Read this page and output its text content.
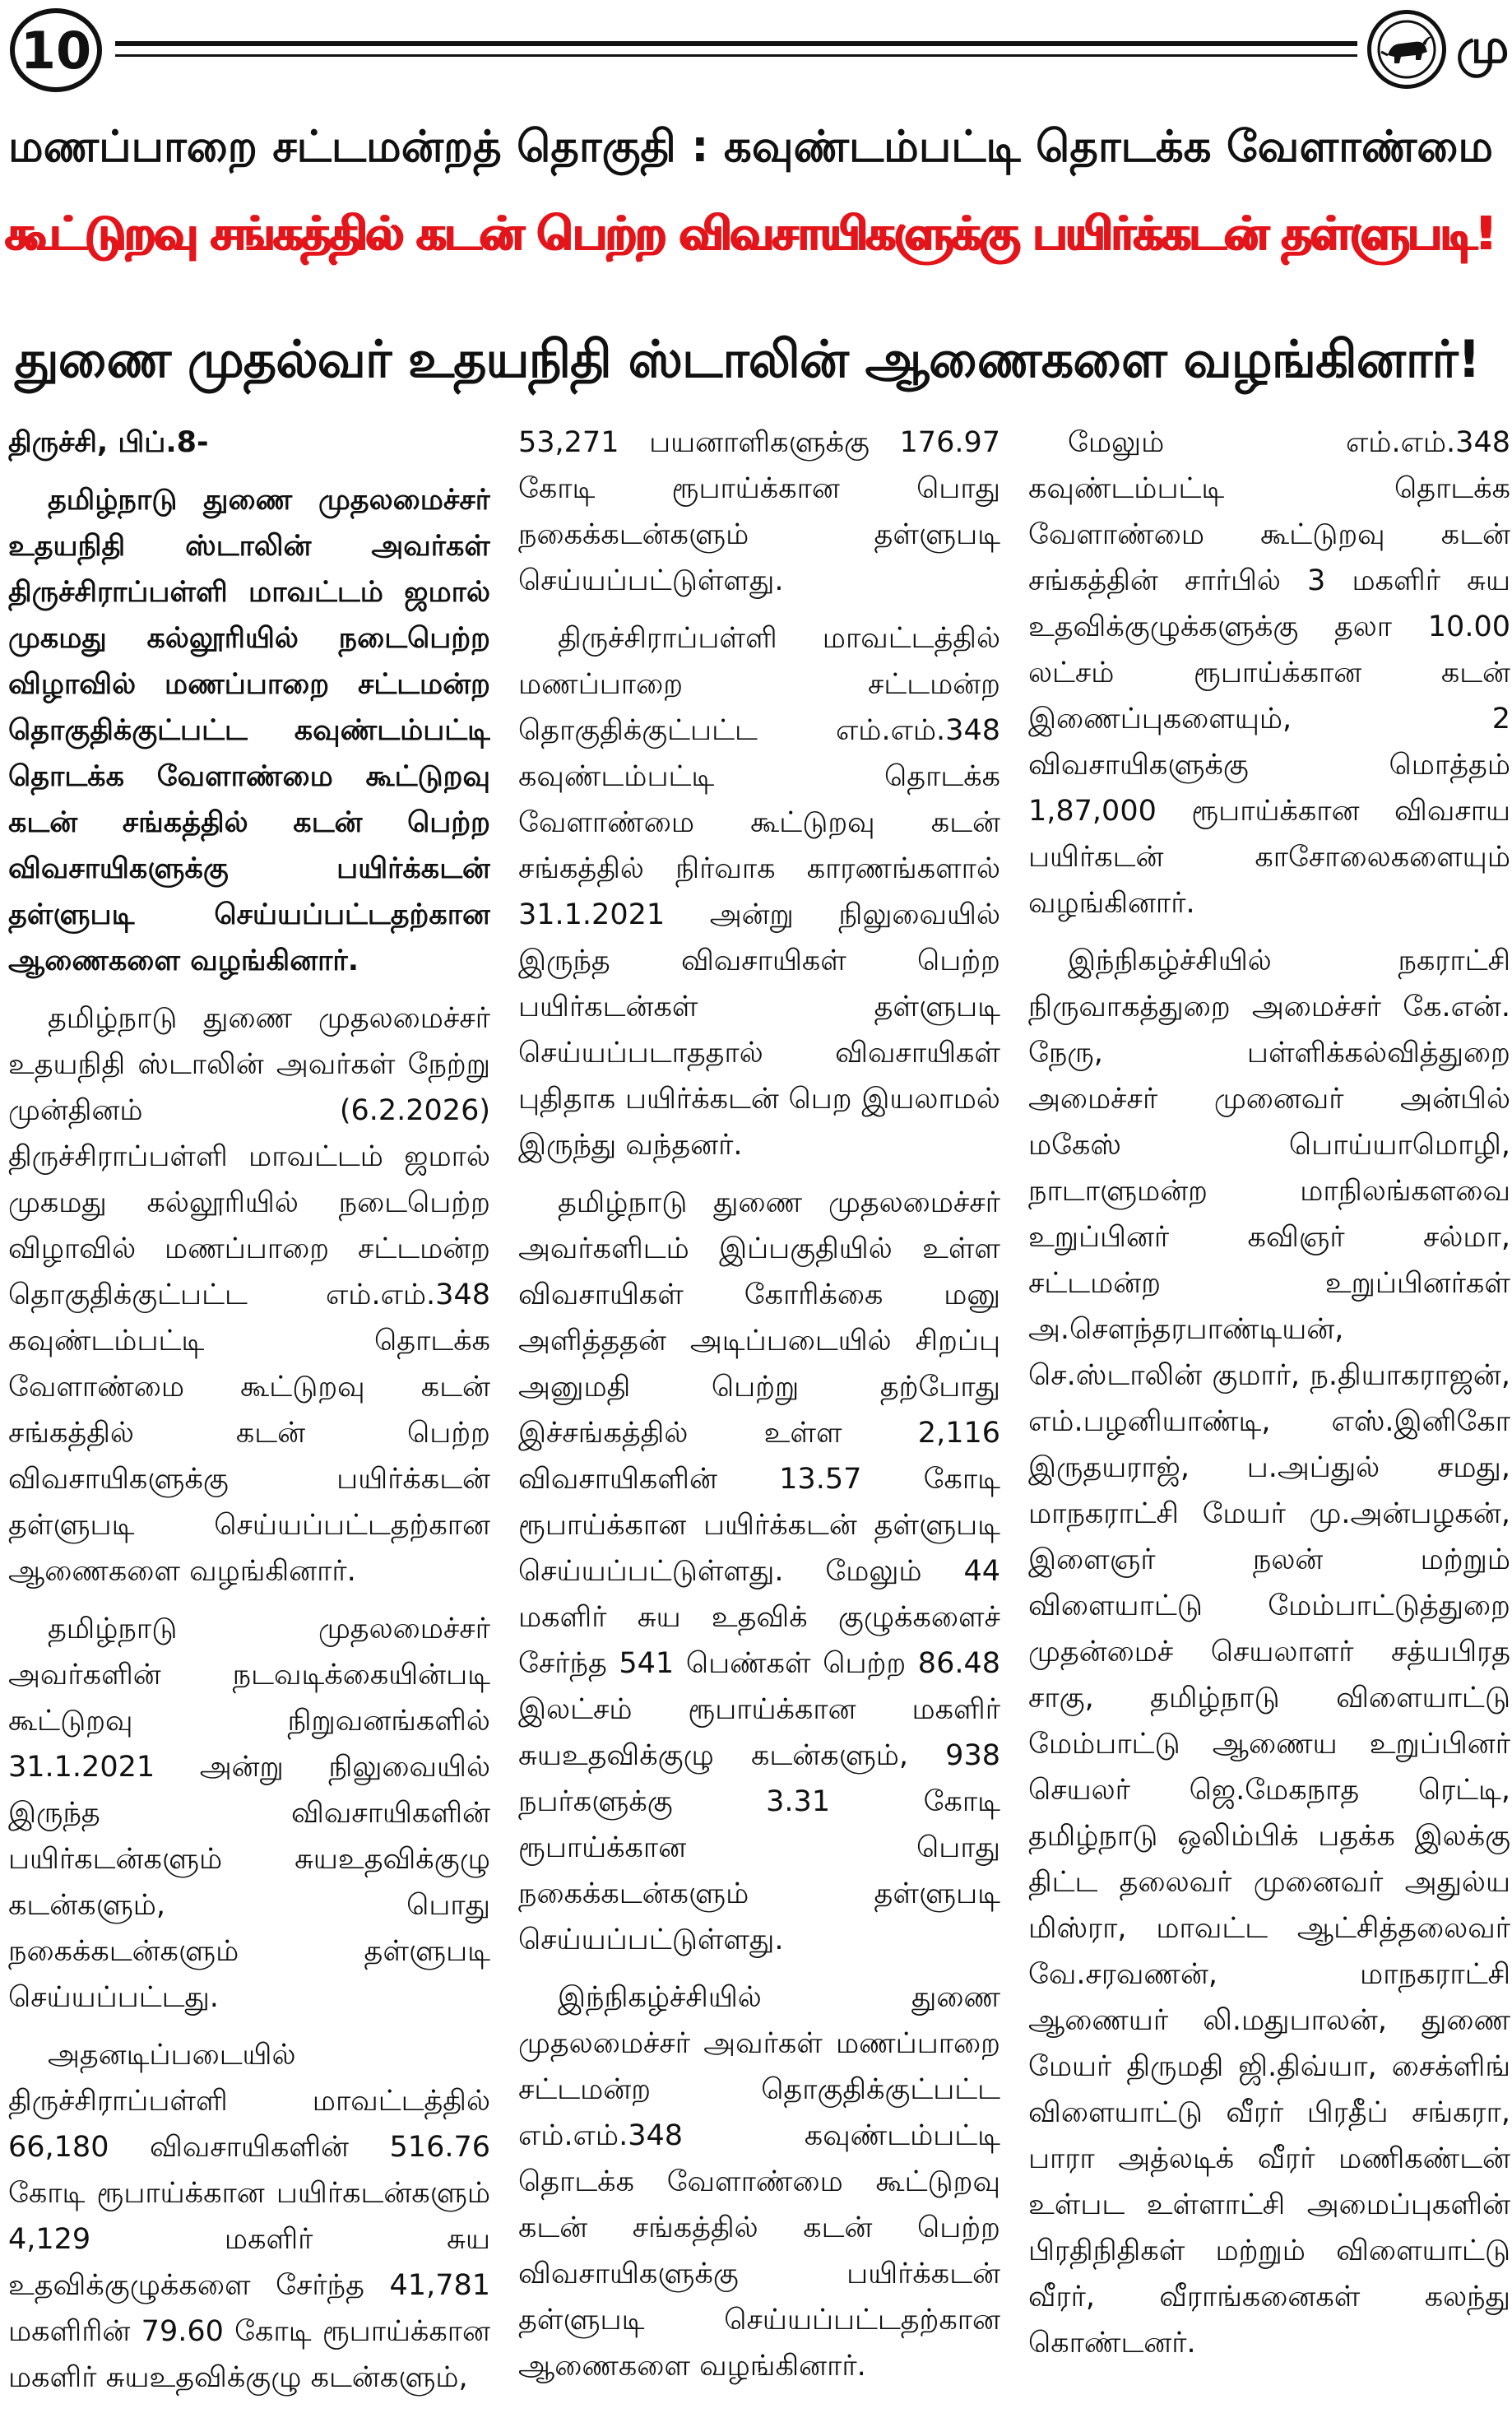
10	மு
மணப்பாறை சட்டமன்றத் தொகுதி : கவுண்டம்பட்டி தொடக்க வேளாண்மை
கூட்டுறவு சங்கத்தில் கடன் பெற்ற விவசாயிகளுக்கு பயிர்க்கடன் தள்ளுபடி!
துணை முதல்வர் உதயநிதி ஸ்டாலின் ஆணைகளை வழங்கினார்!

திருச்சி, பிப்.8-

தமிழ்நாடு துணை முதலமைச்சர் உதயநிதி ஸ்டாலின் அவர்கள் திருச்சிராப்பள்ளி மாவட்டம் ஜமால் முகமது கல்லூரியில் நடைபெற்ற விழாவில் மணப்பாறை சட்டமன்ற தொகுதிக்குட்பட்ட கவுண்டம்பட்டி தொடக்க வேளாண்மை கூட்டுறவு கடன் சங்கத்தில் கடன் பெற்ற விவசாயிகளுக்கு பயிர்க்கடன் தள்ளுபடி செய்யப்பட்டதற்கான ஆணைகளை வழங்கினார்.

தமிழ்நாடு துணை முதலமைச்சர் உதயநிதி ஸ்டாலின் அவர்கள் நேற்று முன்தினம் (6.2.2026) திருச்சிராப்பள்ளி மாவட்டம் ஜமால் முகமது கல்லூரியில் நடைபெற்ற விழாவில் மணப்பாறை சட்டமன்ற தொகுதிக்குட்பட்ட எம்.எம்.348 கவுண்டம்பட்டி தொடக்க வேளாண்மை கூட்டுறவு கடன் சங்கத்தில் கடன் பெற்ற விவசாயிகளுக்கு பயிர்க்கடன் தள்ளுபடி செய்யப்பட்டதற்கான ஆணைகளை வழங்கினார்.

தமிழ்நாடு முதலமைச்சர் அவர்களின் நடவடிக்கையின்படி கூட்டுறவு நிறுவனங்களில் 31.1.2021 அன்று நிலுவையில் இருந்த விவசாயிகளின் பயிர்கடன்களும் சுயஉதவிக்குழு கடன்களும், பொது நகைக்கடன்களும் தள்ளுபடி செய்யப்பட்டது.

அதனடிப்படையில் திருச்சிராப்பள்ளி மாவட்டத்தில் 66,180 விவசாயிகளின் 516.76 கோடி ரூபாய்க்கான பயிர்கடன்களும் 4,129 மகளிர் சுய உதவிக்குழுக்களை சேர்ந்த 41,781 மகளிரின் 79.60 கோடி ரூபாய்க்கான மகளிர் சுயஉதவிக்குழு கடன்களும்,

53,271 பயனாளிகளுக்கு 176.97 கோடி ரூபாய்க்கான பொது நகைக்கடன்களும் தள்ளுபடி செய்யப்பட்டுள்ளது.

திருச்சிராப்பள்ளி மாவட்டத்தில் மணப்பாறை சட்டமன்ற தொகுதிக்குட்பட்ட எம்.எம்.348 கவுண்டம்பட்டி தொடக்க வேளாண்மை கூட்டுறவு கடன் சங்கத்தில் நிர்வாக காரணங்களால் 31.1.2021 அன்று நிலுவையில் இருந்த விவசாயிகள் பெற்ற பயிர்கடன்கள் தள்ளுபடி செய்யப்படாததால் விவசாயிகள் புதிதாக பயிர்க்கடன் பெற இயலாமல் இருந்து வந்தனர்.

தமிழ்நாடு துணை முதலமைச்சர் அவர்களிடம் இப்பகுதியில் உள்ள விவசாயிகள் கோரிக்கை மனு அளித்ததன் அடிப்படையில் சிறப்பு அனுமதி பெற்று தற்போது இச்சங்கத்தில் உள்ள 2,116 விவசாயிகளின் 13.57 கோடி ரூபாய்க்கான பயிர்க்கடன் தள்ளுபடி செய்யப்பட்டுள்ளது. மேலும் 44 மகளிர் சுய உதவிக் குழுக்களைச் சேர்ந்த 541 பெண்கள் பெற்ற 86.48 இலட்சம் ரூபாய்க்கான மகளிர் சுயஉதவிக்குழு கடன்களும், 938 நபர்களுக்கு 3.31 கோடி ரூபாய்க்கான பொது நகைக்கடன்களும் தள்ளுபடி செய்யப்பட்டுள்ளது.

இந்நிகழ்ச்சியில் துணை முதலமைச்சர் அவர்கள் மணப்பாறை சட்டமன்ற தொகுதிக்குட்பட்ட எம்.எம்.348 கவுண்டம்பட்டி தொடக்க வேளாண்மை கூட்டுறவு கடன் சங்கத்தில் கடன் பெற்ற விவசாயிகளுக்கு பயிர்க்கடன் தள்ளுபடி செய்யப்பட்டதற்கான ஆணைகளை வழங்கினார்.

மேலும் எம்.எம்.348 கவுண்டம்பட்டி தொடக்க வேளாண்மை கூட்டுறவு கடன் சங்கத்தின் சார்பில் 3 மகளிர் சுய உதவிக்குழுக்களுக்கு தலா 10.00 லட்சம் ரூபாய்க்கான கடன் இணைப்புகளையும், 2 விவசாயிகளுக்கு மொத்தம் 1,87,000 ரூபாய்க்கான விவசாய பயிர்கடன் காசோலைகளையும் வழங்கினார்.

இந்நிகழ்ச்சியில் நகராட்சி நிருவாகத்துறை அமைச்சர் கே.என். நேரு, பள்ளிக்கல்வித்துறை அமைச்சர் முனைவர் அன்பில் மகேஸ் பொய்யாமொழி, நாடாளுமன்ற மாநிலங்களவை உறுப்பினர் கவிஞர் சல்மா, சட்டமன்ற உறுப்பினர்கள் அ.சௌந்தரபாண்டியன், செ.ஸ்டாலின் குமார், ந.தியாகராஜன், எம்.பழனியாண்டி, எஸ்.இனிகோ இருதயராஜ், ப.அப்துல் சமது, மாநகராட்சி மேயர் மு.அன்பழகன், இளைஞர் நலன் மற்றும் விளையாட்டு மேம்பாட்டுத்துறை முதன்மைச் செயலாளர் சத்யபிரத சாகு, தமிழ்நாடு விளையாட்டு மேம்பாட்டு ஆணைய உறுப்பினர் செயலர் ஜெ.மேகநாத ரெட்டி, தமிழ்நாடு ஒலிம்பிக் பதக்க இலக்கு திட்ட தலைவர் முனைவர் அதுல்ய மிஸ்ரா, மாவட்ட ஆட்சித்தலைவர் வே.சரவணன், மாநகராட்சி ஆணையர் லி.மதுபாலன், துணை மேயர் திருமதி ஜி.திவ்யா, சைக்ளிங் விளையாட்டு வீரர் பிரதீப் சங்கரா, பாரா அத்லடிக் வீரர் மணிகண்டன் உள்பட உள்ளாட்சி அமைப்புகளின் பிரதிநிதிகள் மற்றும் விளையாட்டு வீரர், வீராங்கனைகள் கலந்து கொண்டனர்.
